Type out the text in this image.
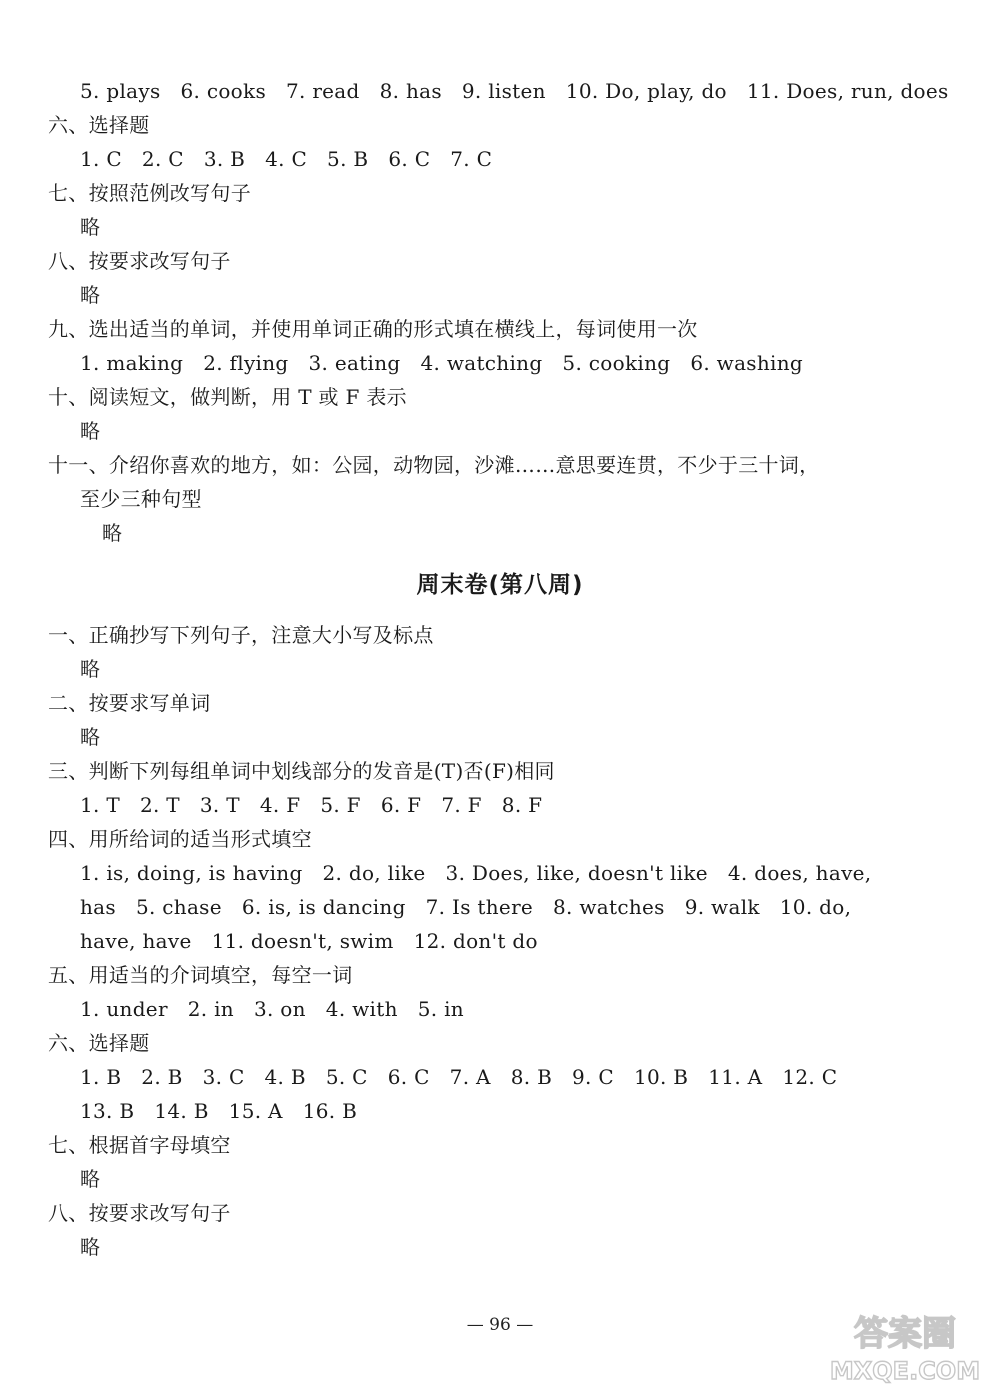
5. plays   6. cooks   7. read   8. has   9. listen   10. Do, play, do   11. Does, run, does
六、选择题
1. C   2. C   3. B   4. C   5. B   6. C   7. C
七、按照范例改写句子
略
八、按要求改写句子
略
九、选出适当的单词，并使用单词正确的形式填在横线上，每词使用一次
1. making   2. flying   3. eating   4. watching   5. cooking   6. washing
十、阅读短文，做判断，用 T 或 F 表示
略
十一、介绍你喜欢的地方，如：公园，动物园，沙滩……意思要连贯，不少于三十词，
至少三种句型
略
周末卷(第八周)
一、正确抄写下列句子，注意大小写及标点
略
二、按要求写单词
略
三、判断下列每组单词中划线部分的发音是(T)否(F)相同
1. T   2. T   3. T   4. F   5. F   6. F   7. F   8. F
四、用所给词的适当形式填空
1. is, doing, is having   2. do, like   3. Does, like, doesn't like   4. does, have,
has   5. chase   6. is, is dancing   7. Is there   8. watches   9. walk   10. do,
have, have   11. doesn't, swim   12. don't do
五、用适当的介词填空，每空一词
1. under   2. in   3. on   4. with   5. in
六、选择题
1. B   2. B   3. C   4. B   5. C   6. C   7. A   8. B   9. C   10. B   11. A   12. C
13. B   14. B   15. A   16. B
七、根据首字母填空
略
八、按要求改写句子
略
— 96 —	答案圈
MXQE.COM
